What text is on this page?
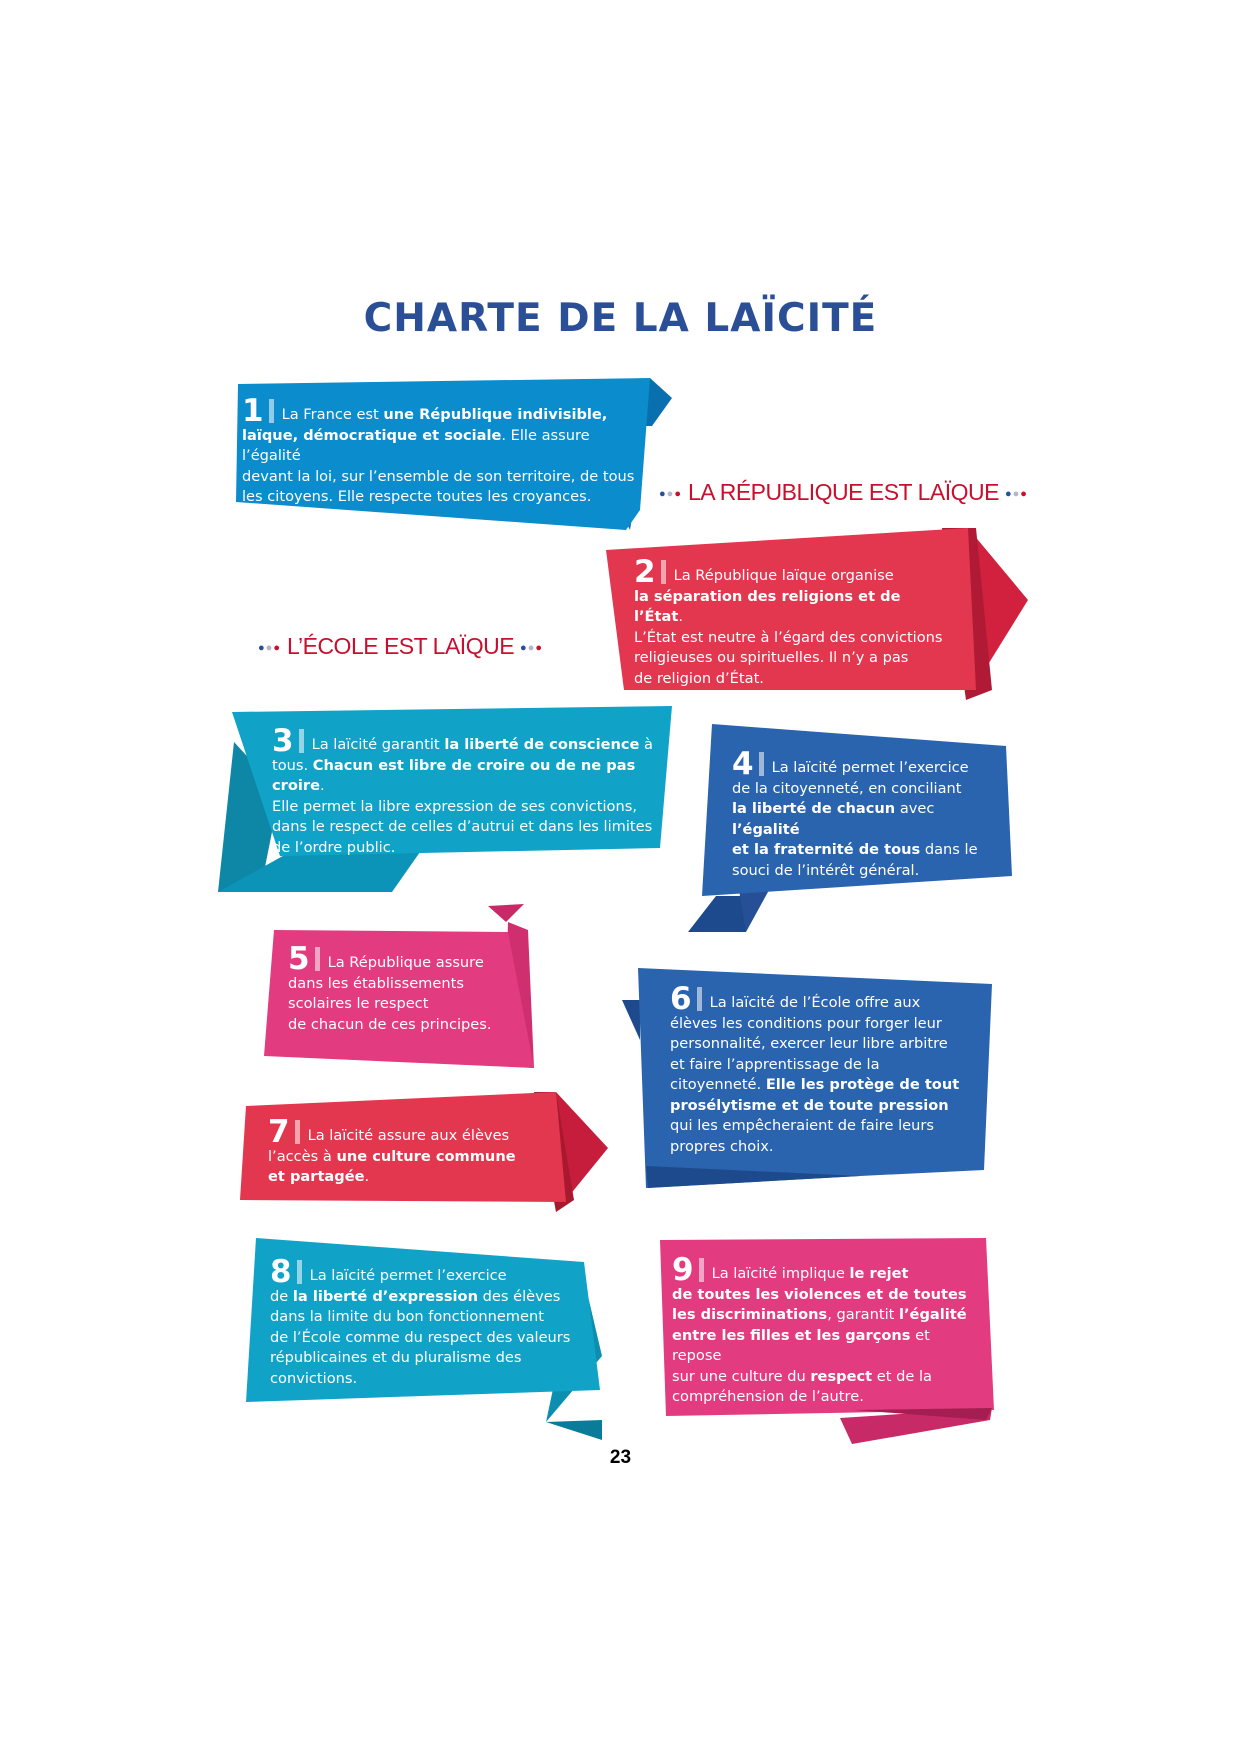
CHARTE DE LA LAÏCITÉ
●●● LA RÉPUBLIQUE EST LAÏQUE ●●●
●●● L’ÉCOLE EST LAÏQUE ●●●

1 La France est une République indivisible,

laïque, démocratique et sociale. Elle assure l’égalité

devant la loi, sur l’ensemble de son territoire, de tous

les citoyens. Elle respecte toutes les croyances.

2 La République laïque organise

la séparation des religions et de l’État.

L’État est neutre à l’égard des convictions

religieuses ou spirituelles. Il n’y a pas

de religion d’État.

3 La laïcité garantit la liberté de conscience à

tous. Chacun est libre de croire ou de ne pas croire.

Elle permet la libre expression de ses convictions,

dans le respect de celles d’autrui et dans les limites

de l’ordre public.

4 La laïcité permet l’exercice

de la citoyenneté, en conciliant

la liberté de chacun avec l’égalité

et la fraternité de tous dans le

souci de l’intérêt général.

5 La République assure

dans les établissements

scolaires le respect

de chacun de ces principes.

6 La laïcité de l’École offre aux

élèves les conditions pour forger leur

personnalité, exercer leur libre arbitre

et faire l’apprentissage de la

citoyenneté. Elle les protège de tout

prosélytisme et de toute pression

qui les empêcheraient de faire leurs

propres choix.

7 La laïcité assure aux élèves

l’accès à une culture commune

et partagée.

8 La laïcité permet l’exercice

de la liberté d’expression des élèves

dans la limite du bon fonctionnement

de l’École comme du respect des valeurs

républicaines et du pluralisme des

convictions.

9 La laïcité implique le rejet

de toutes les violences et de toutes

les discriminations, garantit l’égalité

entre les filles et les garçons et repose

sur une culture du respect et de la

compréhension de l’autre.

23
